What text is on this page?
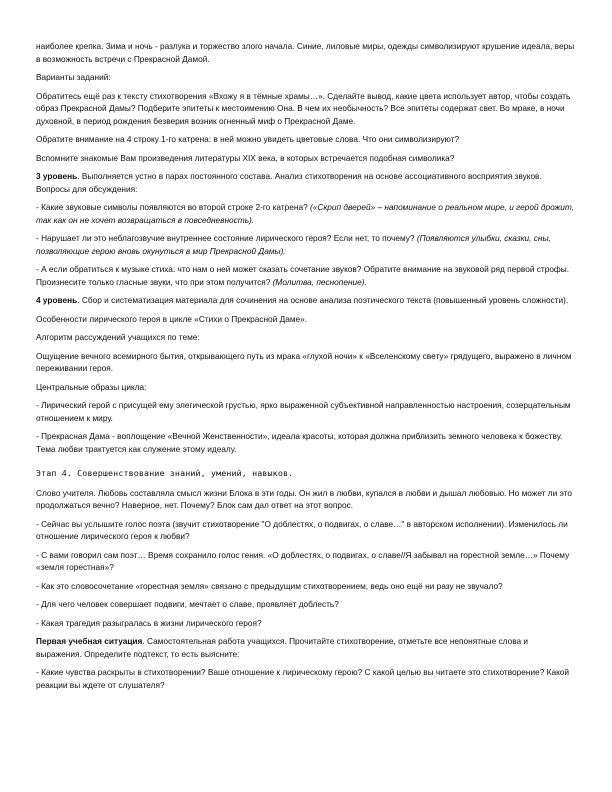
наиболее крепка. Зима и ночь - разлука и торжество злого начала. Синие, лиловые миры, одежды символизируют крушение идеала, веры в возможность встречи с Прекрасной Дамой.

Варианты заданий:

Обратитесь ещё раз к тексту стихотворения «Вхожу я в тёмные храмы…». Сделайте вывод, какие цвета использует автор, чтобы создать образ Прекрасной Дамы? Подберите эпитеты к местоимению Она. В чем их необычность? Все эпитеты содержат свет. Во мраке, в ночи духовной, в период рождения безверия возник огненный миф о Прекрасной Даме.

Обратите внимание на 4 строку 1-го катрена: в ней можно увидеть цветовые слова. Что они символизируют?

Вспомните знакомые Вам произведения литературы XIX века, в которых встречается подобная символика?

3 уровень. Выполняется устно в парах постоянного состава. Анализ стихотворения на основе ассоциативного восприятия звуков. Вопросы для обсуждения:

- Какие звуковые символы появляются во второй строке 2-го катрена? («Скрип дверей» – напоминание о реальном мире, и герой дрожит, так как он не хочет возвращаться в повседневность).

- Нарушает ли это неблагозвучие внутреннее состояние лирического героя? Если нет, то почему? (Появляются улыбки, сказки, сны, позволяющие герою вновь окунуться в мир Прекрасной Дамы).

- А если обратиться к музыке стиха: что нам о ней может сказать сочетание звуков? Обратите внимание на звуковой ряд первой строфы. Произнесите только гласные звуки, что при этом получится? (Молитва, песнопение).

4 уровень. Сбор и систематизация материала для сочинения на основе анализа поэтического текста (повышенный уровень сложности).

Особенности лирического героя в цикле «Стихи о Прекрасной Даме».

Алгоритм рассуждений учащихся по теме:

Ощущение вечного всемирного бытия, открывающего путь из мрака «глухой ночи» к «Вселенскому свету» грядущего, выражено в личном переживании героя.

Центральные образы цикла:

- Лирический герой с присущей ему элегической грустью, ярко выраженной субъективной направленностью настроения, созерцательным отношением к миру.

- Прекрасная Дама - воплощение «Вечной Женственности», идеала красоты, которая должна приблизить земного человека к божеству. Тема любви трактуется как служение этому идеалу.

Этап 4. Совершенствование знаний, умений, навыков.

Слово учителя. Любовь составляла смысл жизни Блока в эти годы. Он жил в любви, купался в любви и дышал любовью. Но может ли это продолжаться вечно? Наверное, нет. Почему? Блок сам дал ответ на этот вопрос.

- Сейчас вы услышите голос поэта (звучит стихотворение "О доблестях, о подвигах, о славе…" в авторском исполнении). Изменилось ли отношение лирического героя к любви?

- С вами говорил сам поэт… Время сохранило голос гения. «О доблестях, о подвигах, о славе//Я забывал на горестной земле…» Почему «земля горестная»?

- Как это словосочетание «горестная земля» связано с предыдущим стихотворением, ведь оно ещё ни разу не звучало?

- Для чего человек совершает подвиги, мечтает о славе, проявляет доблесть?

- Какая трагедия разыгралась в жизни лирического героя?

Первая учебная ситуация. Самостоятельная работа учащихся. Прочитайте стихотворение, отметьте все непонятные слова и выражения. Определите подтекст, то есть выясните:

- Какие чувства раскрыты в стихотворении? Ваше отношение к лирическому герою? С какой целью вы читаете это стихотворение? Какой реакции вы ждете от слушателя?
